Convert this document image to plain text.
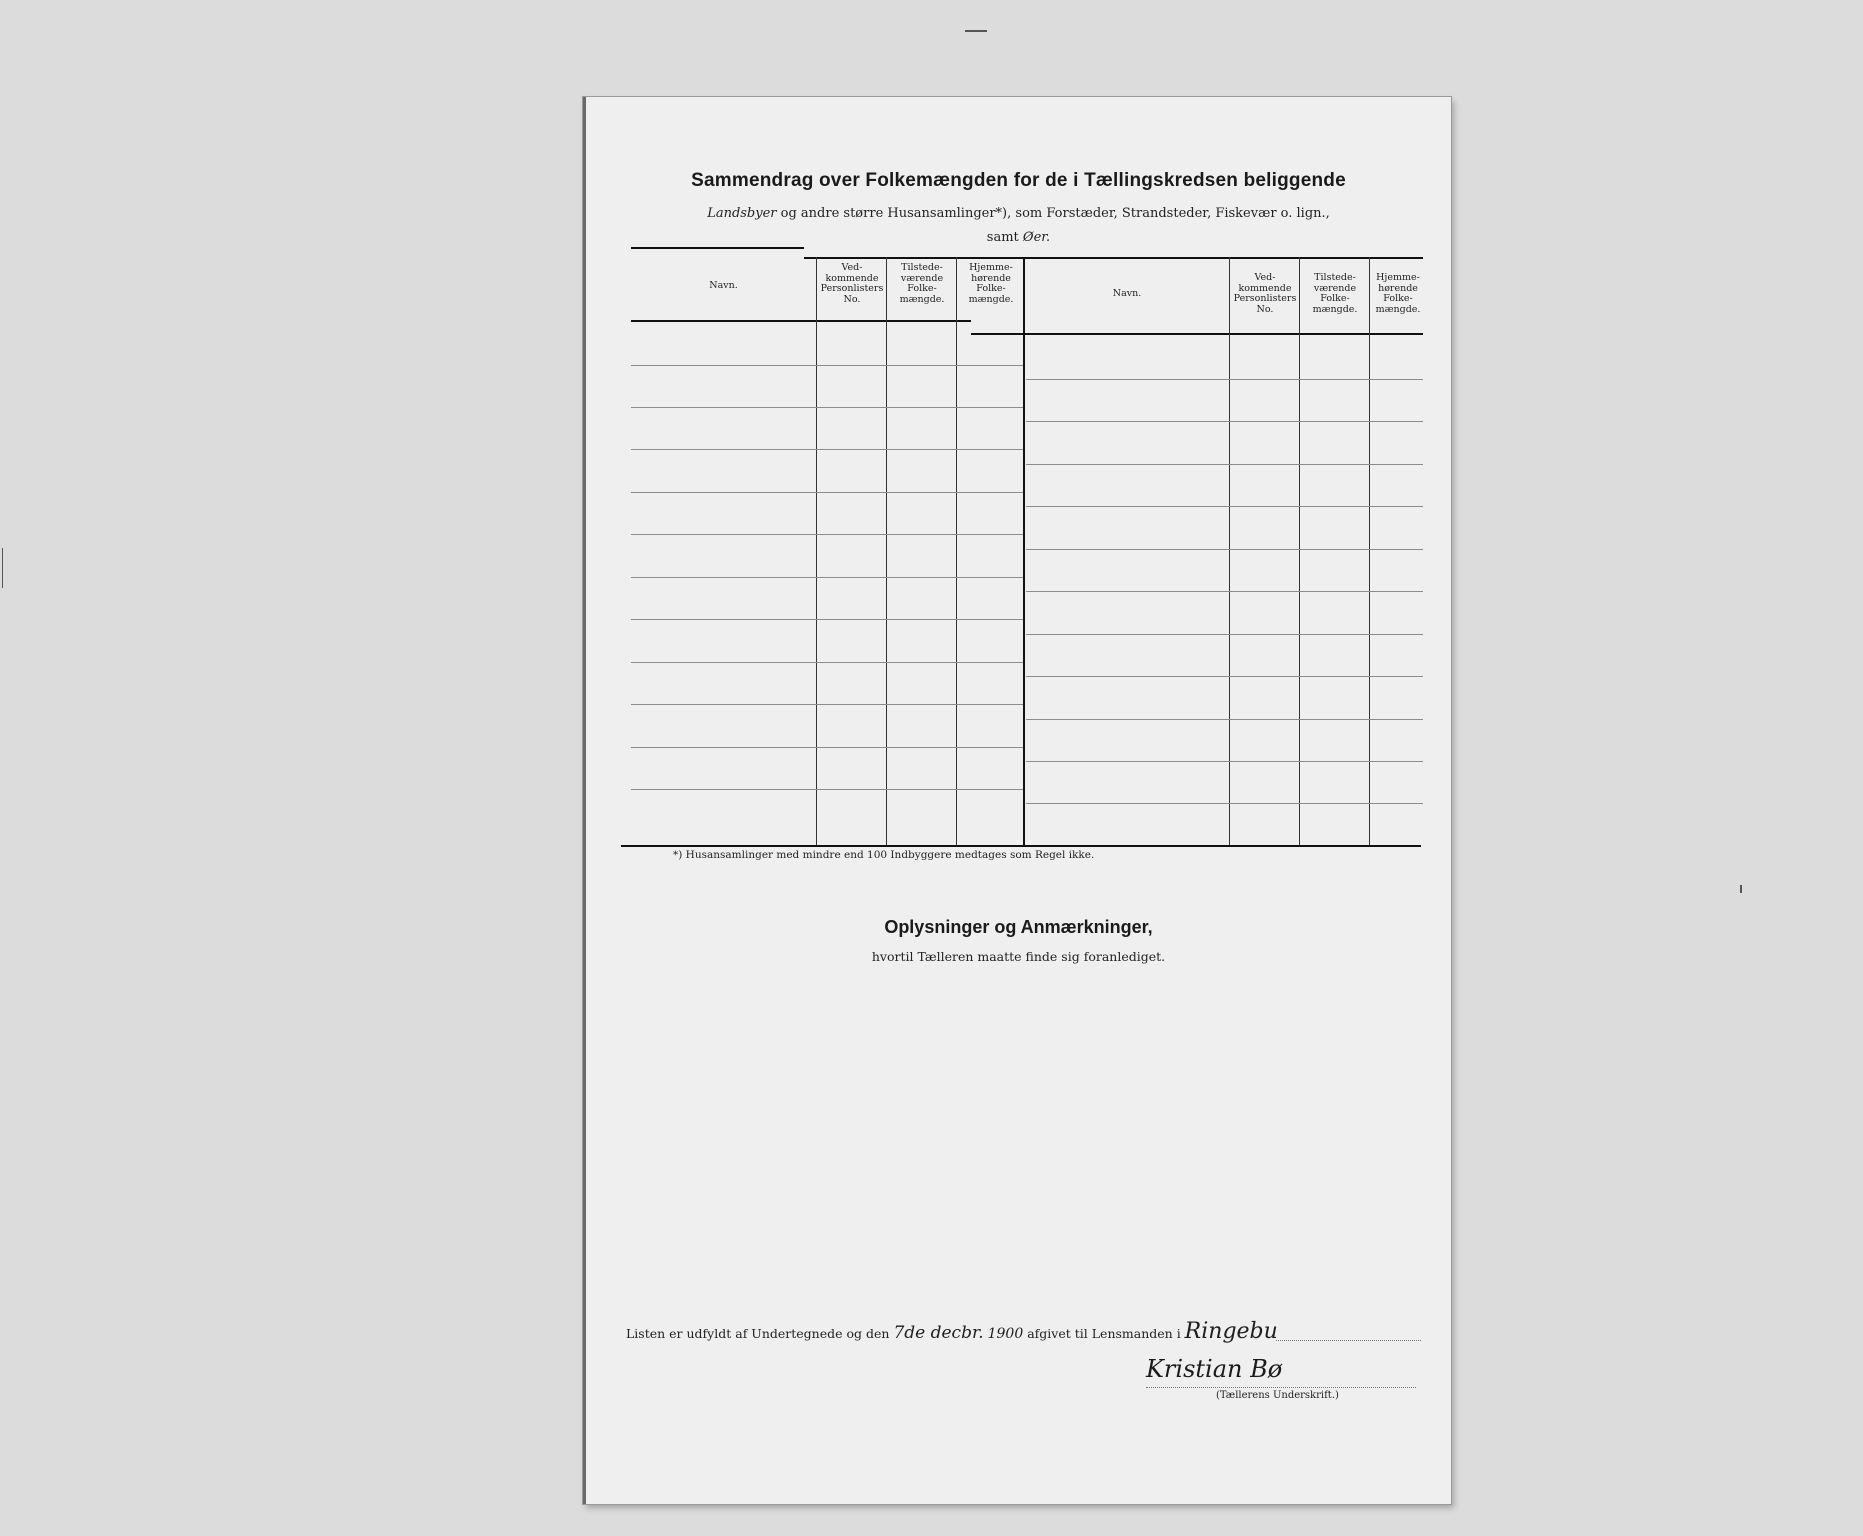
Sammendrag over Folkemængden for de i Tællingskredsen beliggende
Landsbyer og andre større Husansamlinger*), som Forstæder, Strandsteder, Fiskevær o. lign.,
samt Øer.
Navn.
Ved-kommende Personlisters No.
Tilstede-værende Folke-mængde.
Hjemme-hørende Folke-mængde.	Navn.
Ved-kommende Personlisters No.
Tilstede-værende Folke-mængde.
Hjemme-hørende Folke-mængde.
*) Husansamlinger med mindre end 100 Indbyggere medtages som Regel ikke.
Oplysninger og Anmærkninger,
hvortil Tælleren maatte finde sig foranlediget.
Listen er udfyldt af Undertegnede og den 7de decbr. 1900 afgivet til Lensmanden i Ringebu
Kristian Bø
(Tællerens Underskrift.)
